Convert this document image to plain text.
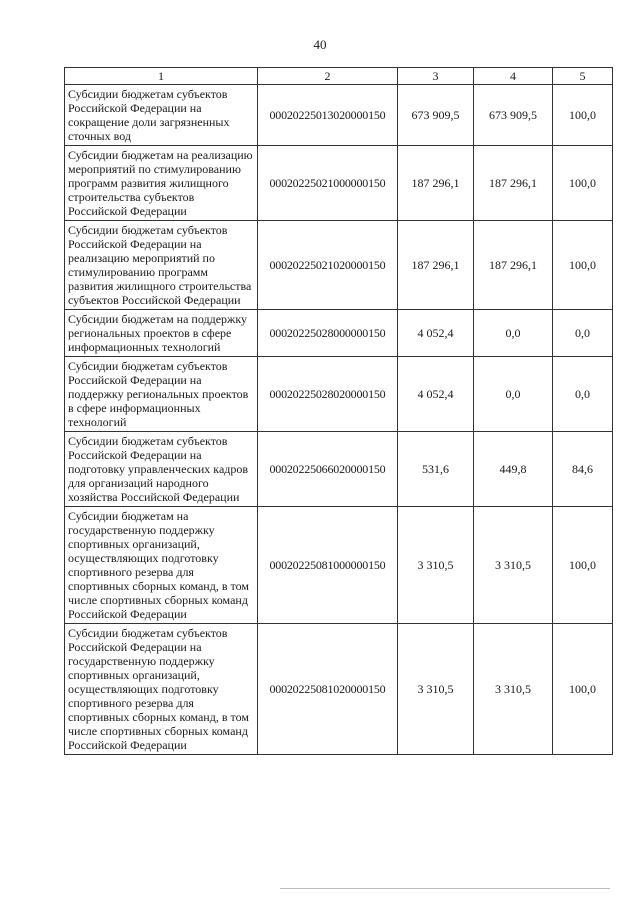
40
1	2	3	4	5
Субсидии бюджетам субъектов Российской Федерации на сокращение доли загрязненных сточных вод	00020225013020000150	673 909,5	673 909,5	100,0
Субсидии бюджетам на реализацию мероприятий по стимулированию программ развития жилищного строительства субъектов Российской Федерации	00020225021000000150	187 296,1	187 296,1	100,0
Субсидии бюджетам субъектов Российской Федерации на реализацию мероприятий по стимулированию программ развития жилищного строительства субъектов Российской Федерации	00020225021020000150	187 296,1	187 296,1	100,0
Субсидии бюджетам на поддержку региональных проектов в сфере информационных технологий	00020225028000000150	4 052,4	0,0	0,0
Субсидии бюджетам субъектов Российской Федерации на поддержку региональных проектов в сфере информационных технологий	00020225028020000150	4 052,4	0,0	0,0
Субсидии бюджетам субъектов Российской Федерации на подготовку управленческих кадров для организаций народного хозяйства Российской Федерации	00020225066020000150	531,6	449,8	84,6
Субсидии бюджетам на государственную поддержку спортивных организаций, осуществляющих подготовку спортивного резерва для спортивных сборных команд, в том числе спортивных сборных команд Российской Федерации	00020225081000000150	3 310,5	3 310,5	100,0
Субсидии бюджетам субъектов Российской Федерации на государственную поддержку спортивных организаций, осуществляющих подготовку спортивного резерва для спортивных сборных команд, в том числе спортивных сборных команд Российской Федерации	00020225081020000150	3 310,5	3 310,5	100,0
